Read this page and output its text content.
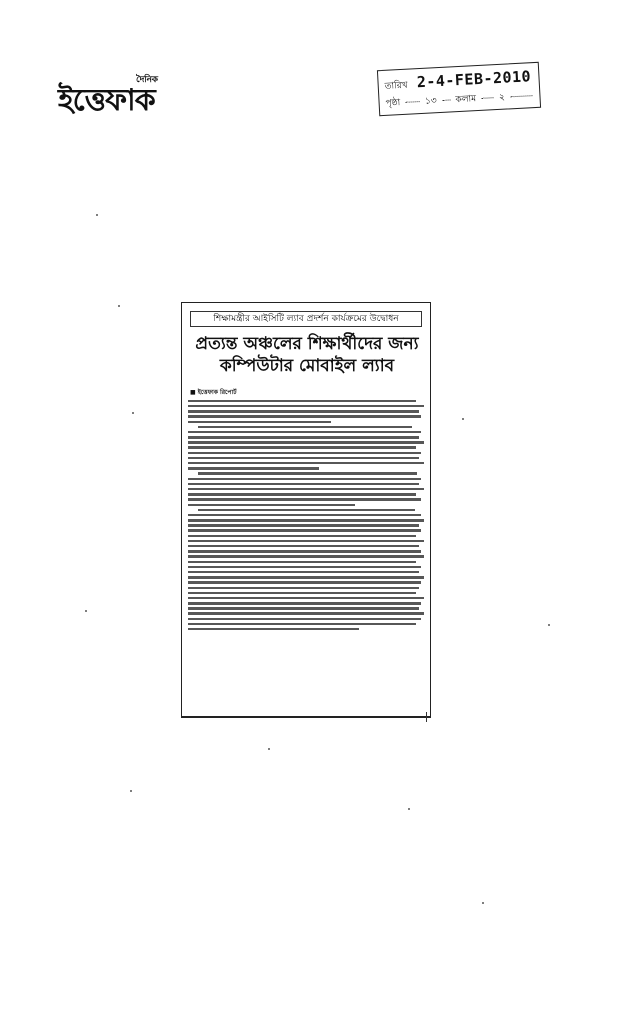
দৈনিক
ইত্তেফাক	তারিখ 2-4-FEB-2010
পৃষ্ঠা	১৩ কলাম ২
শিক্ষামন্ত্রীর আইসিটি ল্যাব প্রদর্শন কার্যক্রমের উদ্বোধন
প্রত্যন্ত অঞ্চলের শিক্ষার্থীদের জন্য
কম্পিউটার মোবাইল ল্যাব
■ ইত্তেফাক রিপোর্ট
